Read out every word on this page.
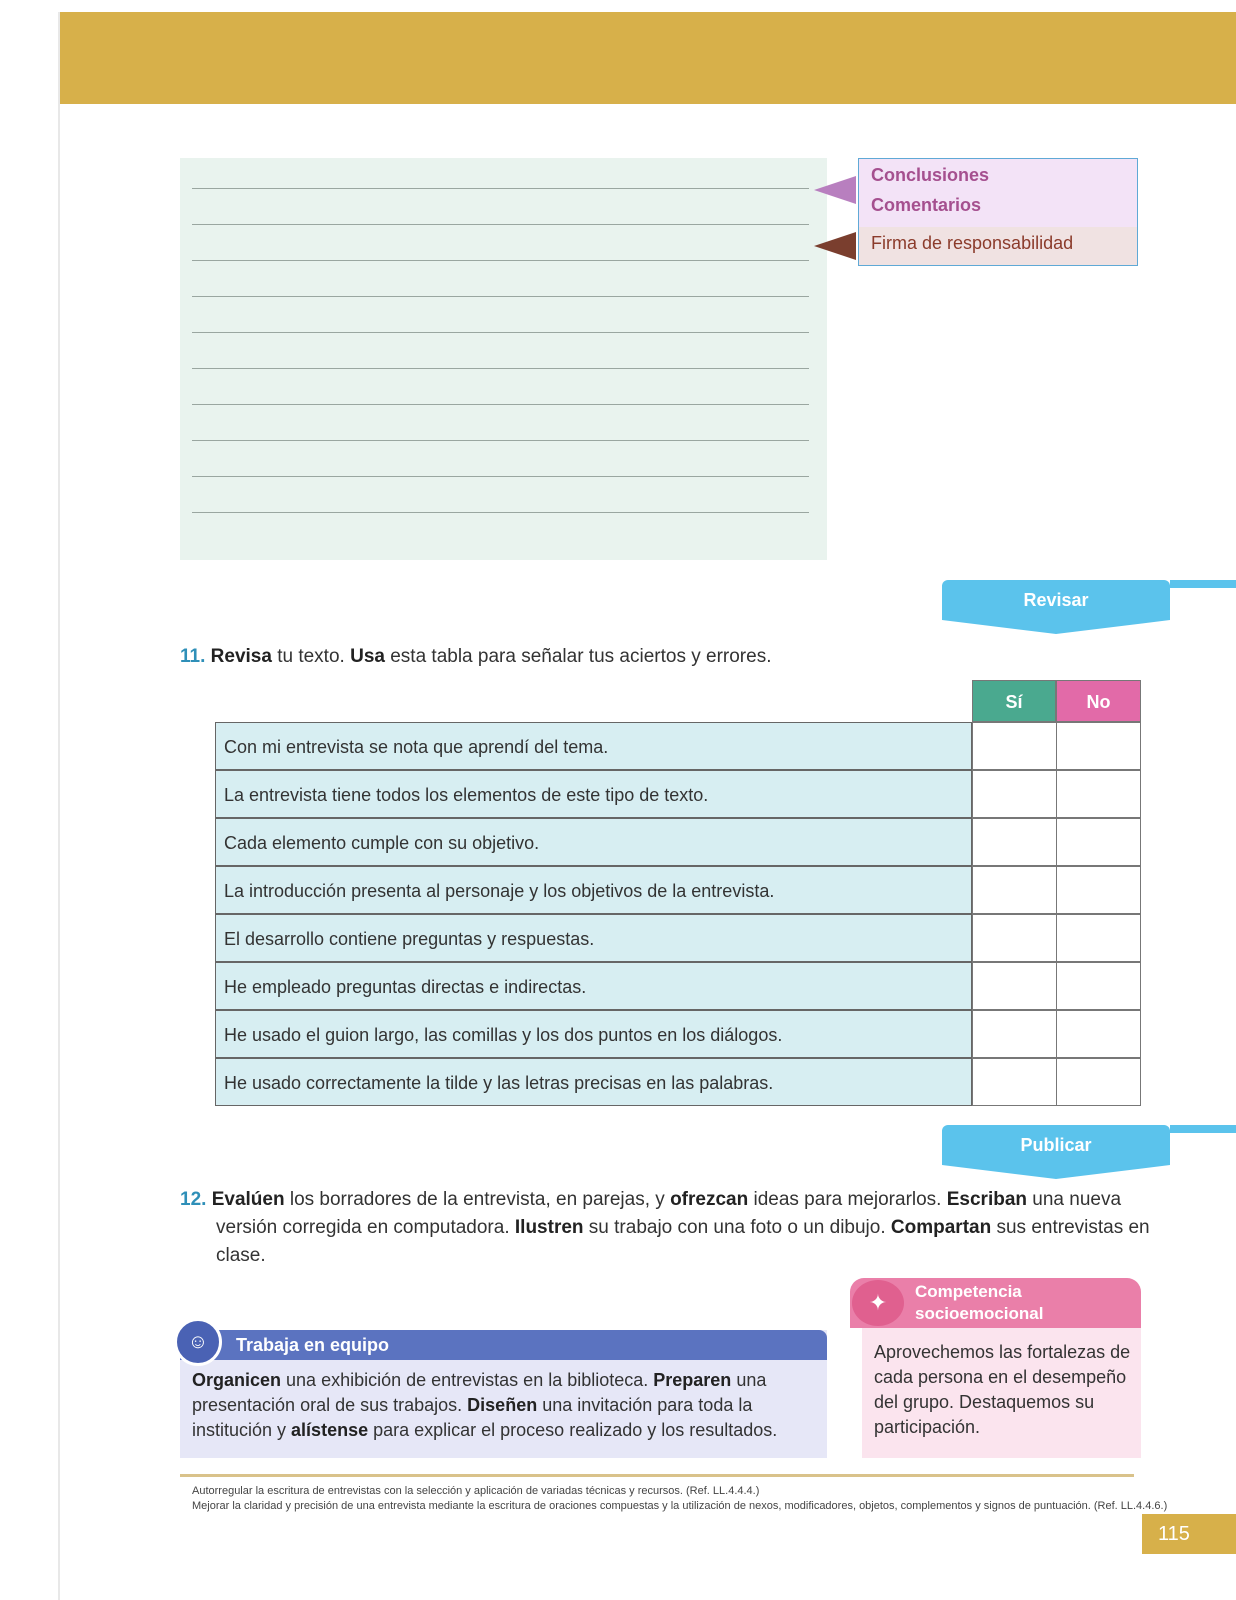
Conclusiones
Comentarios
Firma de responsabilidad
Revisar
11. Revisa tu texto. Usa esta tabla para señalar tus aciertos y errores.
Sí	No
Con mi entrevista se nota que aprendí del tema.
La entrevista tiene todos los elementos de este tipo de texto.
Cada elemento cumple con su objetivo.
La introducción presenta al personaje y los objetivos de la entrevista.
El desarrollo contiene preguntas y respuestas.
He empleado preguntas directas e indirectas.
He usado el guion largo, las comillas y los dos puntos en los diálogos.
He usado correctamente la tilde y las letras precisas en las palabras.
Publicar
12. Evalúen los borradores de la entrevista, en parejas, y ofrezcan ideas para mejorarlos. Escriban una nueva versión corregida en computadora. Ilustren su trabajo con una foto o un dibujo. Compartan sus entrevistas en clase.
Trabaja en equipo
Organicen una exhibición de entrevistas en la biblioteca. Preparen una presentación oral de sus trabajos. Diseñen una invitación para toda la institución y alístense para explicar el proceso realizado y los resultados.
☺
Competencia
socioemocional
✦
Aprovechemos las fortalezas de cada persona en el desempeño del grupo. Destaquemos su participación.
Autorregular la escritura de entrevistas con la selección y aplicación de variadas técnicas y recursos. (Ref. LL.4.4.4.)
Mejorar la claridad y precisión de una entrevista mediante la escritura de oraciones compuestas y la utilización de nexos, modificadores, objetos, complementos y signos de puntuación. (Ref. LL.4.4.6.)
115
